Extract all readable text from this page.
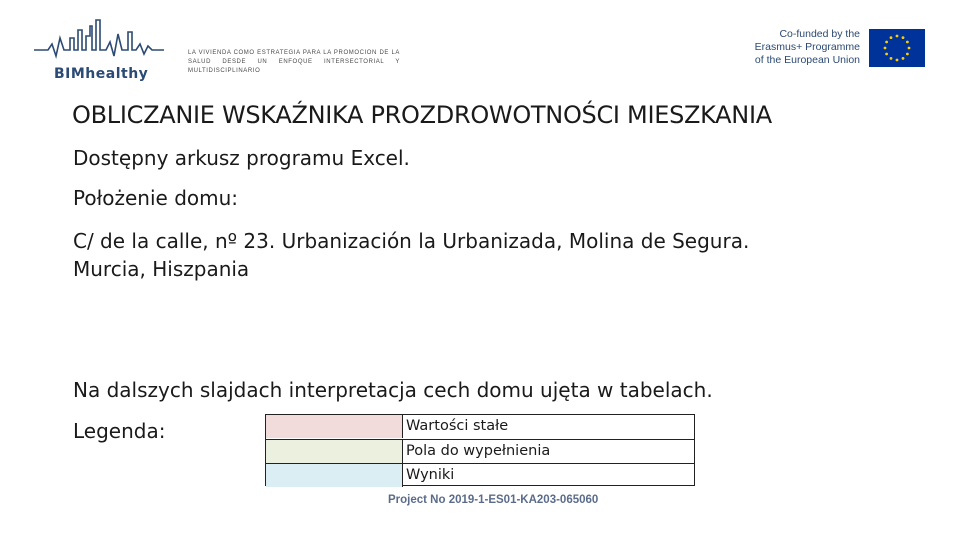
BIMhealthy
LA VIVIENDA COMO ESTRATEGIA PARA LA PROMOCION DE LA SALUD DESDE UN ENFOQUE INTERSECTORIAL Y MULTIDISCIPLINARIO
Co-funded by the
Erasmus+ Programme
of the European Union
OBLICZANIE WSKAŹNIKA PROZDROWOTNOŚCI MIESZKANIA
Dostępny arkusz programu Excel.
Położenie domu:
C/ de la calle, nº 23. Urbanización la Urbanizada, Molina de Segura.
Murcia, Hiszpania
Na dalszych slajdach interpretacja cech domu ujęta w tabelach.
Legenda:	Wartości stałe
Pola do wypełnienia
Wyniki
Project No 2019-1-ES01-KA203-065060
